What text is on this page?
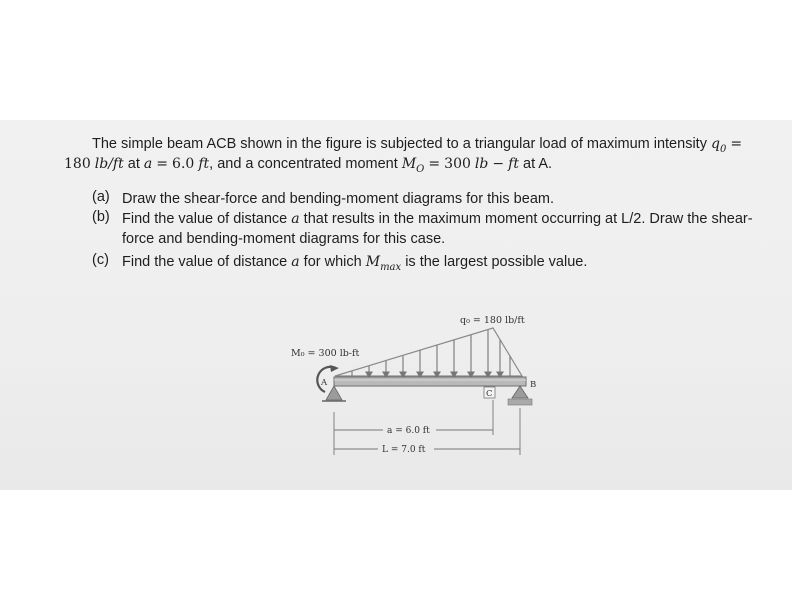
The simple beam ACB shown in the figure is subjected to a triangular load of maximum intensity $q_0$ =
180 lb/ft at a = 6.0 ft, and a concentrated moment $M_O = 300$ lb − ft at A.
(a) Draw the shear-force and bending-moment diagrams for this beam.
(b) Find the value of distance a that results in the maximum moment occurring at L/2. Draw the shear-
force and bending-moment diagrams for this case.
(c) Find the value of distance a for which $M_{max}$ is the largest possible value.
q₀ = 180 lb/ft
M₀ = 300 lb-ft
A	B
C
a = 6.0 ft
L = 7.0 ft
